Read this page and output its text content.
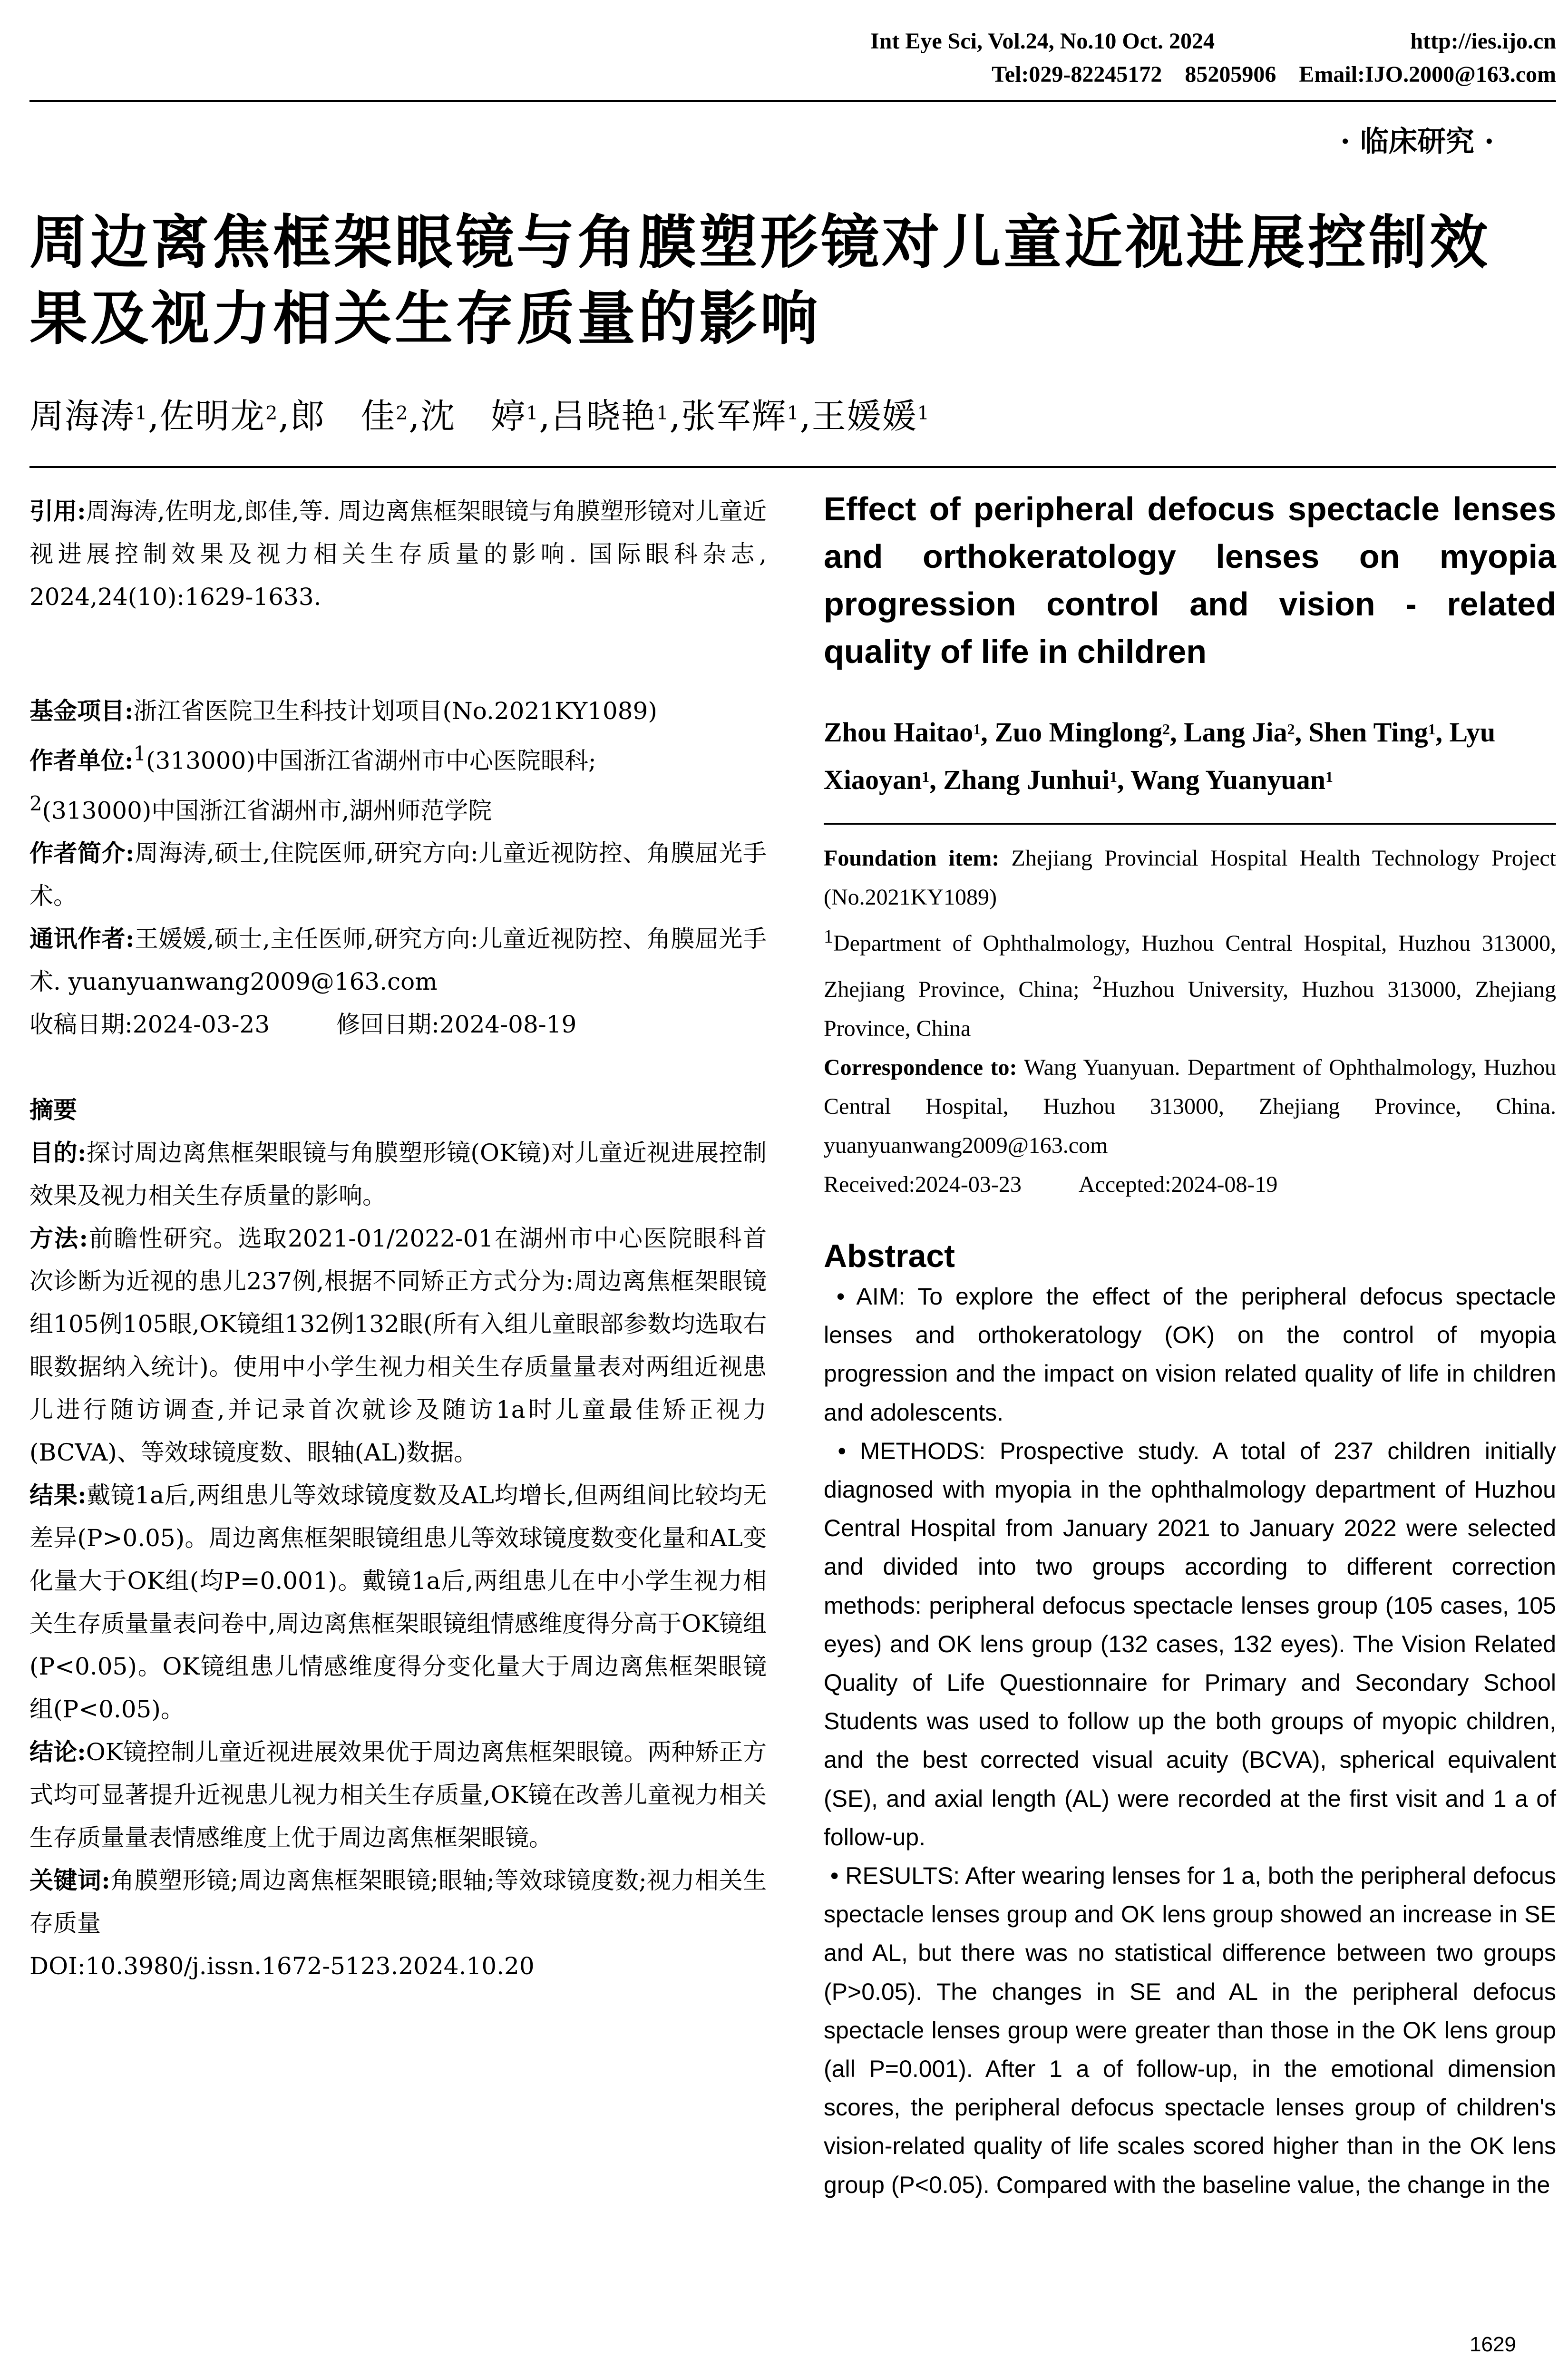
Int Eye Sci, Vol.24, No.10 Oct. 2024	http://ies.ijo.cn
Tel:029-82245172    85205906    Email:IJO.2000@163.com
· 临床研究 ·
周边离焦框架眼镜与角膜塑形镜对儿童近视进展控制效
果及视力相关生存质量的影响
周海涛$^1$,佐明龙$^2$,郎　佳$^2$,沈　婷$^1$,吕晓艳$^1$,张军辉$^1$,王媛媛$^1$

引用:周海涛,佐明龙,郎佳,等. 周边离焦框架眼镜与角膜塑形镜对儿童近视进展控制效果及视力相关生存质量的影响. 国际眼科杂志, 2024,24(10):1629-1633.

基金项目:浙江省医院卫生科技计划项目(No.2021KY1089)

作者单位:$^1$(313000)中国浙江省湖州市中心医院眼科;
$^2$(313000)中国浙江省湖州市,湖州师范学院

作者简介:周海涛,硕士,住院医师,研究方向:儿童近视防控、角膜屈光手术。

通讯作者:王媛媛,硕士,主任医师,研究方向:儿童近视防控、角膜屈光手术. yuanyuanwang2009@163.com

收稿日期:2024-03-23	修回日期:2024-08-19

摘要

目的:探讨周边离焦框架眼镜与角膜塑形镜(OK镜)对儿童近视进展控制效果及视力相关生存质量的影响。

方法:前瞻性研究。选取2021-01/2022-01在湖州市中心医院眼科首次诊断为近视的患儿237例,根据不同矫正方式分为:周边离焦框架眼镜组105例105眼,OK镜组132例132眼(所有入组儿童眼部参数均选取右眼数据纳入统计)。使用中小学生视力相关生存质量量表对两组近视患儿进行随访调查,并记录首次就诊及随访1a时儿童最佳矫正视力(BCVA)、等效球镜度数、眼轴(AL)数据。

结果:戴镜1a后,两组患儿等效球镜度数及AL均增长,但两组间比较均无差异(P>0.05)。周边离焦框架眼镜组患儿等效球镜度数变化量和AL变化量大于OK组(均P=0.001)。戴镜1a后,两组患儿在中小学生视力相关生存质量量表问卷中,周边离焦框架眼镜组情感维度得分高于OK镜组(P<0.05)。OK镜组患儿情感维度得分变化量大于周边离焦框架眼镜组(P<0.05)。

结论:OK镜控制儿童近视进展效果优于周边离焦框架眼镜。两种矫正方式均可显著提升近视患儿视力相关生存质量,OK镜在改善儿童视力相关生存质量量表情感维度上优于周边离焦框架眼镜。

关键词:角膜塑形镜;周边离焦框架眼镜;眼轴;等效球镜度数;视力相关生存质量

DOI:10.3980/j.issn.1672-5123.2024.10.20

Effect of peripheral defocus spectacle lenses and orthokeratology lenses on myopia progression control and vision - related quality of life in children
Zhou Haitao$^1$, Zuo Minglong$^2$, Lang Jia$^2$, Shen Ting$^1$, Lyu Xiaoyan$^1$, Zhang Junhui$^1$, Wang Yuanyuan$^1$

Foundation item: Zhejiang Provincial Hospital Health Technology Project (No.2021KY1089)

$^1$Department of Ophthalmology, Huzhou Central Hospital, Huzhou 313000, Zhejiang Province, China; $^2$Huzhou University, Huzhou 313000, Zhejiang Province, China

Correspondence to: Wang Yuanyuan. Department of Ophthalmology, Huzhou Central Hospital, Huzhou 313000, Zhejiang Province, China. yuanyuanwang2009@163.com

Received:2024-03-23	Accepted:2024-08-19

Abstract

• AIM: To explore the effect of the peripheral defocus spectacle lenses and orthokeratology (OK) on the control of myopia progression and the impact on vision related quality of life in children and adolescents.

• METHODS: Prospective study. A total of 237 children initially diagnosed with myopia in the ophthalmology department of Huzhou Central Hospital from January 2021 to January 2022 were selected and divided into two groups according to different correction methods: peripheral defocus spectacle lenses group (105 cases, 105 eyes) and OK lens group (132 cases, 132 eyes). The Vision Related Quality of Life Questionnaire for Primary and Secondary School Students was used to follow up the both groups of myopic children, and the best corrected visual acuity (BCVA), spherical equivalent (SE), and axial length (AL) were recorded at the first visit and 1 a of follow-up.

• RESULTS: After wearing lenses for 1 a, both the peripheral defocus spectacle lenses group and OK lens group showed an increase in SE and AL, but there was no statistical difference between two groups (P>0.05). The changes in SE and AL in the peripheral defocus spectacle lenses group were greater than those in the OK lens group (all P=0.001). After 1 a of follow-up, in the emotional dimension scores, the peripheral defocus spectacle lenses group of children's vision-related quality of life scales scored higher than in the OK lens group (P<0.05). Compared with the baseline value, the change in the

1629
